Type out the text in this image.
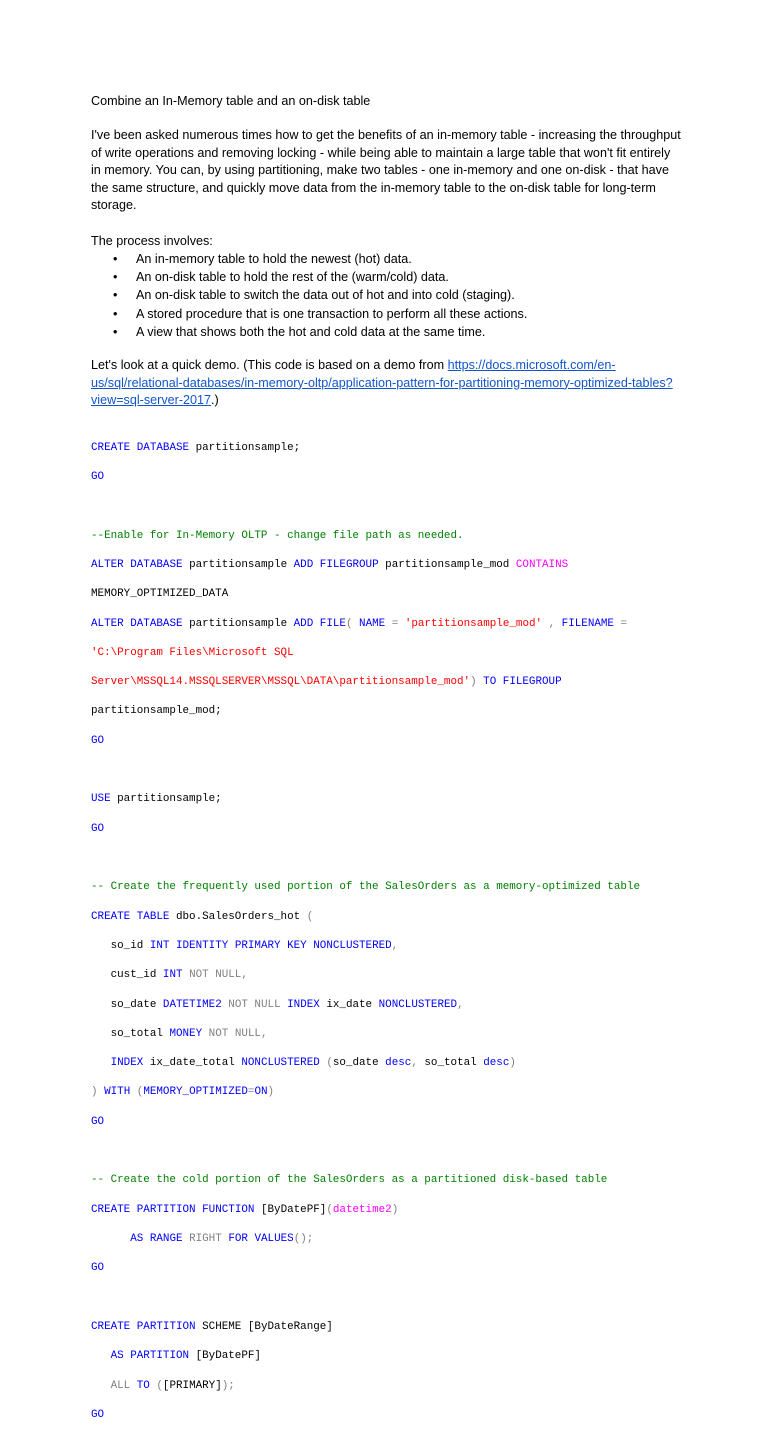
Combine an In-Memory table and an on-disk table
I've been asked numerous times how to get the benefits of an in-memory table - increasing the throughput of write operations and removing locking - while being able to maintain a large table that won't fit entirely in memory. You can, by using partitioning, make two tables - one in-memory and one on-disk - that have the same structure, and quickly move data from the in-memory table to the on-disk table for long-term storage.
The process involves:
• An in-memory table to hold the newest (hot) data.
• An on-disk table to hold the rest of the (warm/cold) data.
• An on-disk table to switch the data out of hot and into cold (staging).
• A stored procedure that is one transaction to perform all these actions.
• A view that shows both the hot and cold data at the same time.
Let's look at a quick demo. (This code is based on a demo from https://docs.microsoft.com/en-us/sql/relational-databases/in-memory-oltp/application-pattern-for-partitioning-memory-optimized-tables?view=sql-server-2017.)

CREATE DATABASE partitionsample;

GO

--Enable for In-Memory OLTP - change file path as needed.

ALTER DATABASE partitionsample ADD FILEGROUP partitionsample_mod CONTAINS

MEMORY_OPTIMIZED_DATA

ALTER DATABASE partitionsample ADD FILE( NAME = 'partitionsample_mod' , FILENAME =

'C:\Program Files\Microsoft SQL

Server\MSSQL14.MSSQLSERVER\MSSQL\DATA\partitionsample_mod') TO FILEGROUP

partitionsample_mod;

GO

USE partitionsample;

GO

-- Create the frequently used portion of the SalesOrders as a memory-optimized table

CREATE TABLE dbo.SalesOrders_hot (

so_id INT IDENTITY PRIMARY KEY NONCLUSTERED,

cust_id INT NOT NULL,

so_date DATETIME2 NOT NULL INDEX ix_date NONCLUSTERED,

so_total MONEY NOT NULL,

INDEX ix_date_total NONCLUSTERED (so_date desc, so_total desc)

) WITH (MEMORY_OPTIMIZED=ON)

GO

-- Create the cold portion of the SalesOrders as a partitioned disk-based table

CREATE PARTITION FUNCTION [ByDatePF](datetime2)

AS RANGE RIGHT FOR VALUES();

GO

CREATE PARTITION SCHEME [ByDateRange]

AS PARTITION [ByDatePF]

ALL TO ([PRIMARY]);

GO
